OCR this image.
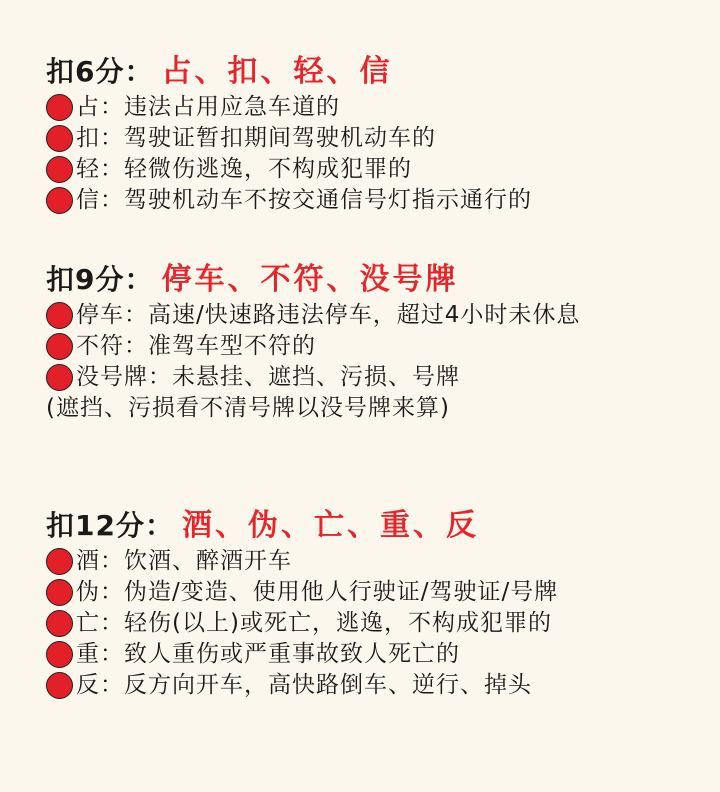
扣6分： 占、扣、轻、信
占：违法占用应急车道的
扣：驾驶证暂扣期间驾驶机动车的
轻：轻微伤逃逸，不构成犯罪的
信：驾驶机动车不按交通信号灯指示通行的
扣9分： 停车、不符、没号牌
停车：高速/快速路违法停车，超过4小时未休息
不符：准驾车型不符的
没号牌：未悬挂、遮挡、污损、号牌
(遮挡、污损看不清号牌以没号牌来算)
扣12分： 酒、伪、亡、重、反
酒：饮酒、醉酒开车
伪：伪造/变造、使用他人行驶证/驾驶证/号牌
亡：轻伤(以上)或死亡，逃逸，不构成犯罪的
重：致人重伤或严重事故致人死亡的
反：反方向开车，高快路倒车、逆行、掉头
